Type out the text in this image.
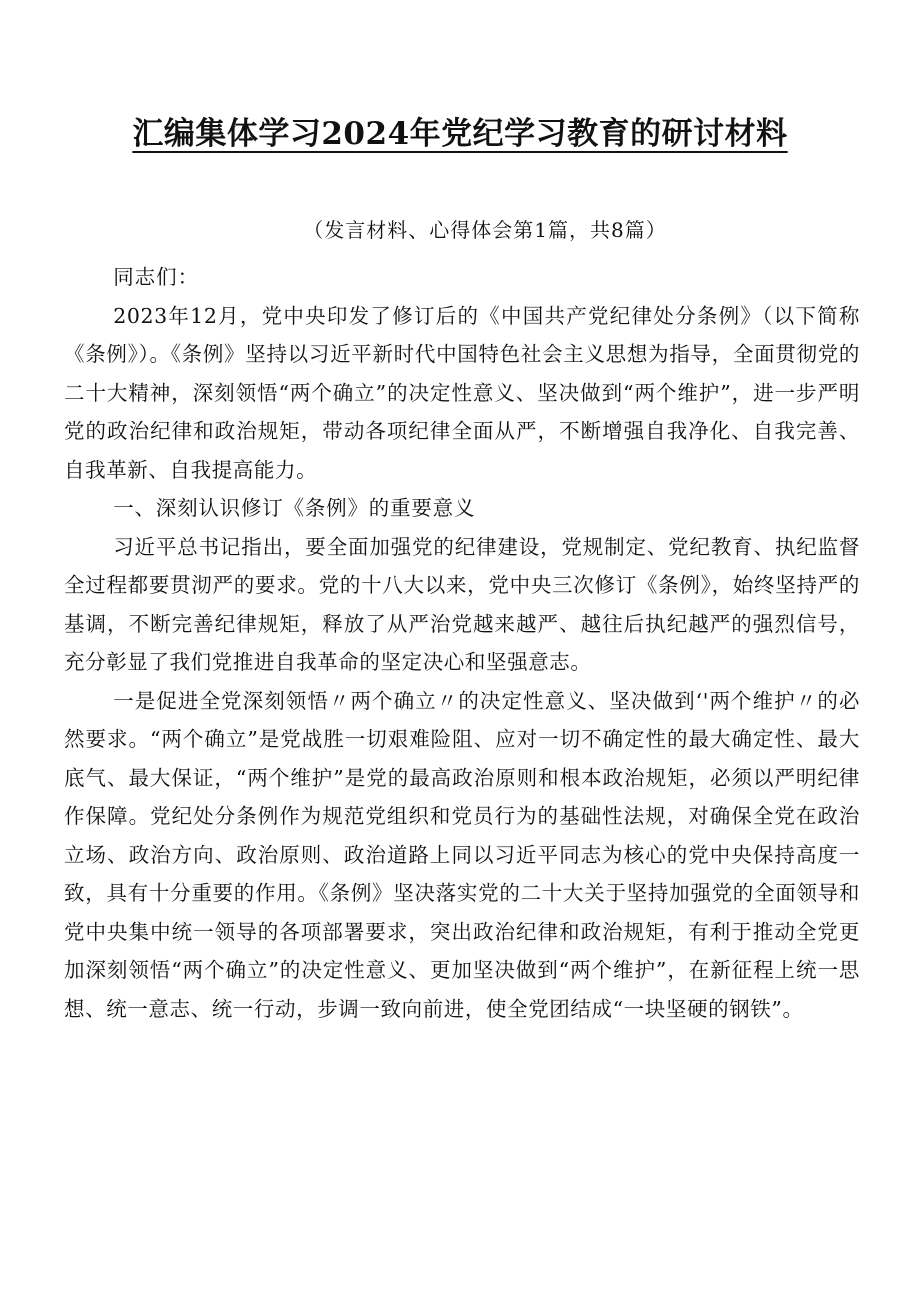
汇编集体学习2024年党纪学习教育的研讨材料
（发言材料、心得体会第1篇，共8篇）

同志们：

2023年12月，党中央印发了修订后的《中国共产党纪律处分条例》（以下简称《条例》）。《条例》坚持以习近平新时代中国特色社会主义思想为指导，全面贯彻党的二十大精神，深刻领悟“两个确立”的决定性意义、坚决做到“两个维护”，进一步严明党的政治纪律和政治规矩，带动各项纪律全面从严，不断增强自我净化、自我完善、自我革新、自我提高能力。

一、深刻认识修订《条例》的重要意义

习近平总书记指出，要全面加强党的纪律建设，党规制定、党纪教育、执纪监督全过程都要贯沏严的要求。党的十八大以来，党中央三次修订《条例》，始终坚持严的基调，不断完善纪律规矩，释放了从严治党越来越严、越往后执纪越严的强烈信号，充分彰显了我们党推进自我革命的坚定决心和坚强意志。

一是促进全党深刻领悟〃两个确立〃的决定性意义、坚决做到‘'两个维护〃的必然要求。“两个确立”是党战胜一切艰难险阻、应对一切不确定性的最大确定性、最大底气、最大保证，“两个维护”是党的最高政治原则和根本政治规矩，必须以严明纪律作保障。党纪处分条例作为规范党组织和党员行为的基础性法规，对确保全党在政治立场、政治方向、政治原则、政治道路上同以习近平同志为核心的党中央保持高度一致，具有十分重要的作用。《条例》坚决落实党的二十大关于坚持加强党的全面领导和党中央集中统一领导的各项部署要求，突出政治纪律和政治规矩，有利于推动全党更加深刻领悟“两个确立”的决定性意义、更加坚决做到“两个维护”，在新征程上统一思想、统一意志、统一行动，步调一致向前进，使全党团结成“一块坚硬的钢铁”。
